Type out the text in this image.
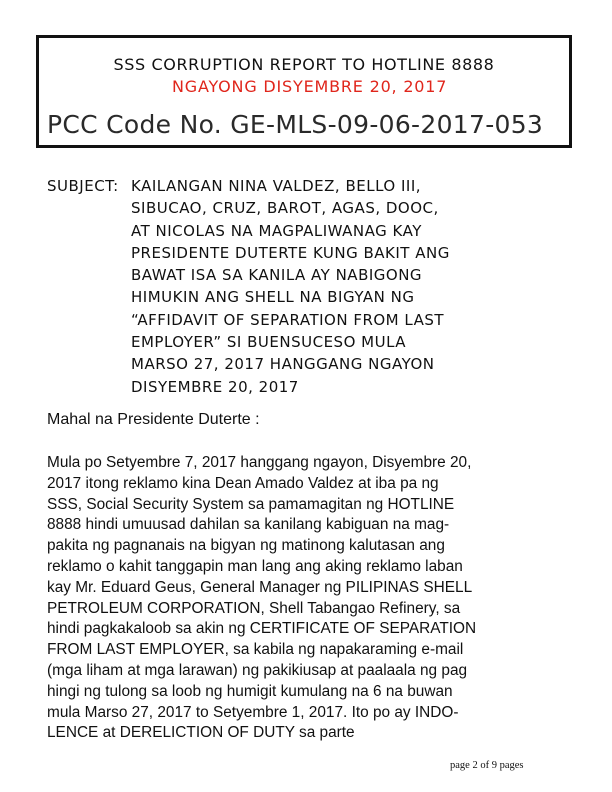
SSS CORRUPTION REPORT TO HOTLINE 8888
NGAYONG DISYEMBRE 20, 2017
PCC Code No. GE-MLS-09-06-2017-053
SUBJECT: KAILANGAN NINA VALDEZ, BELLO III,
SIBUCAO, CRUZ, BAROT, AGAS, DOOC,
AT NICOLAS NA MAGPALIWANAG KAY
PRESIDENTE DUTERTE KUNG BAKIT ANG
BAWAT ISA SA KANILA AY NABIGONG
HIMUKIN ANG SHELL NA BIGYAN NG
“AFFIDAVIT OF SEPARATION FROM LAST
EMPLOYER” SI BUENSUCESO MULA
MARSO 27, 2017 HANGGANG NGAYON
DISYEMBRE 20, 2017
Mahal na Presidente Duterte :
Mula po Setyembre 7, 2017 hanggang ngayon, Disyembre 20,
2017 itong reklamo kina Dean Amado Valdez at iba pa ng
SSS, Social Security System sa pamamagitan ng HOTLINE
8888 hindi umuusad dahilan sa kanilang kabiguan na mag-
pakita ng pagnanais na bigyan ng matinong kalutasan ang
reklamo o kahit tanggapin man lang ang aking reklamo laban
kay Mr. Eduard Geus, General Manager ng PILIPINAS SHELL
PETROLEUM CORPORATION, Shell Tabangao Refinery, sa
hindi pagkakaloob sa akin ng CERTIFICATE OF SEPARATION
FROM LAST EMPLOYER, sa kabila ng napakaraming e-mail
(mga liham at mga larawan) ng pakikiusap at paalaala ng pag
hingi ng tulong sa loob ng humigit kumulang na 6 na buwan
mula Marso 27, 2017 to Setyembre 1, 2017. Ito po ay INDO-
LENCE at DERELICTION OF DUTY sa parte
page 2 of 9 pages
